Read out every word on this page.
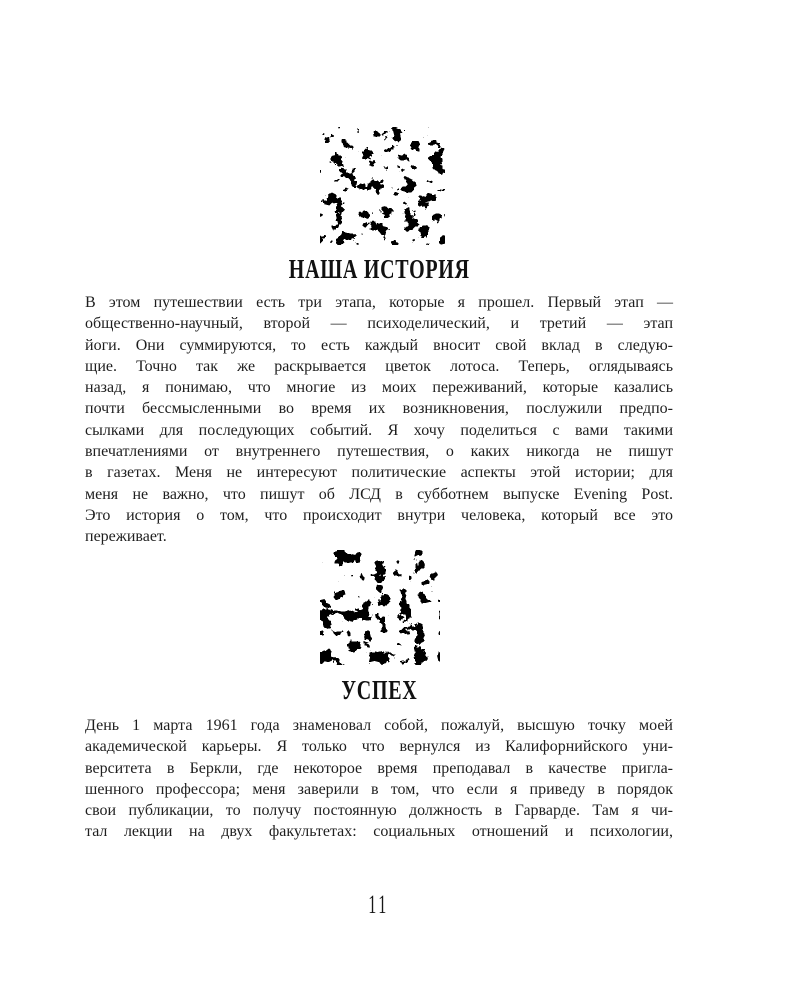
НАША ИСТОРИЯ
В этом путешествии есть три этапа, которые я прошел. Первый этап —
общественно-научный, второй — психоделический, и третий — этап
йоги. Они суммируются, то есть каждый вносит свой вклад в следую-
щие. Точно так же раскрывается цветок лотоса. Теперь, оглядываясь
назад, я понимаю, что многие из моих переживаний, которые казались
почти бессмысленными во время их возникновения, послужили предпо-
сылками для последующих событий. Я хочу поделиться с вами такими
впечатлениями от внутреннего путешествия, о каких никогда не пишут
в газетах. Меня не интересуют политические аспекты этой истории; для
меня не важно, что пишут об ЛСД в субботнем выпуске Evening Post.
Это история о том, что происходит внутри человека, который все это
переживает.
УСПЕХ
День 1 марта 1961 года знаменовал собой, пожалуй, высшую точку моей
академической карьеры. Я только что вернулся из Калифорнийского уни-
верситета в Беркли, где некоторое время преподавал в качестве пригла-
шенного профессора; меня заверили в том, что если я приведу в порядок
свои публикации, то получу постоянную должность в Гарварде. Там я чи-
тал лекции на двух факультетах: социальных отношений и психологии,
11
